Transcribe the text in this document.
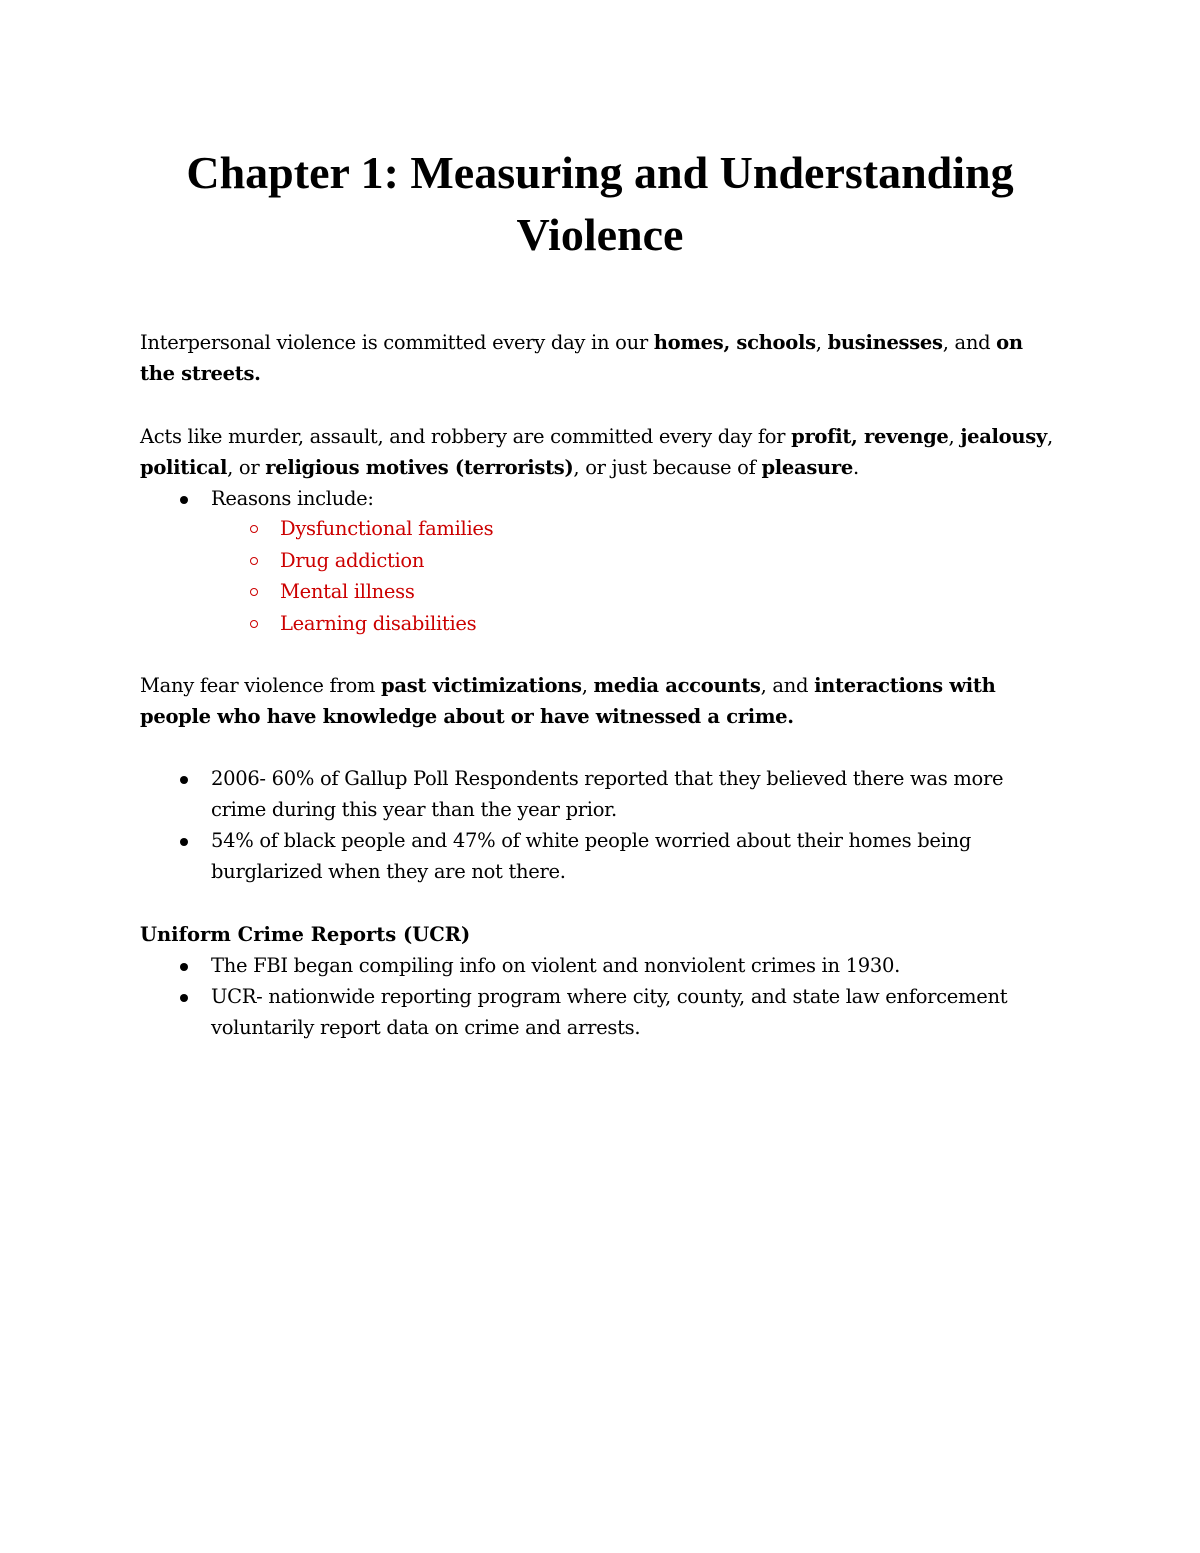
Chapter 1: Measuring and Understanding Violence

Interpersonal violence is committed every day in our homes, schools, businesses, and on the streets.

Acts like murder, assault, and robbery are committed every day for profit, revenge, jealousy, political, or religious motives (terrorists), or just because of pleasure.

Reasons include:
Dysfunctional families
Drug addiction
Mental illness
Learning disabilities

Many fear violence from past victimizations, media accounts, and interactions with people who have knowledge about or have witnessed a crime.

2006- 60% of Gallup Poll Respondents reported that they believed there was more crime during this year than the year prior.
54% of black people and 47% of white people worried about their homes being burglarized when they are not there.

Uniform Crime Reports (UCR)

The FBI began compiling info on violent and nonviolent crimes in 1930.
UCR- nationwide reporting program where city, county, and state law enforcement voluntarily report data on crime and arrests.
